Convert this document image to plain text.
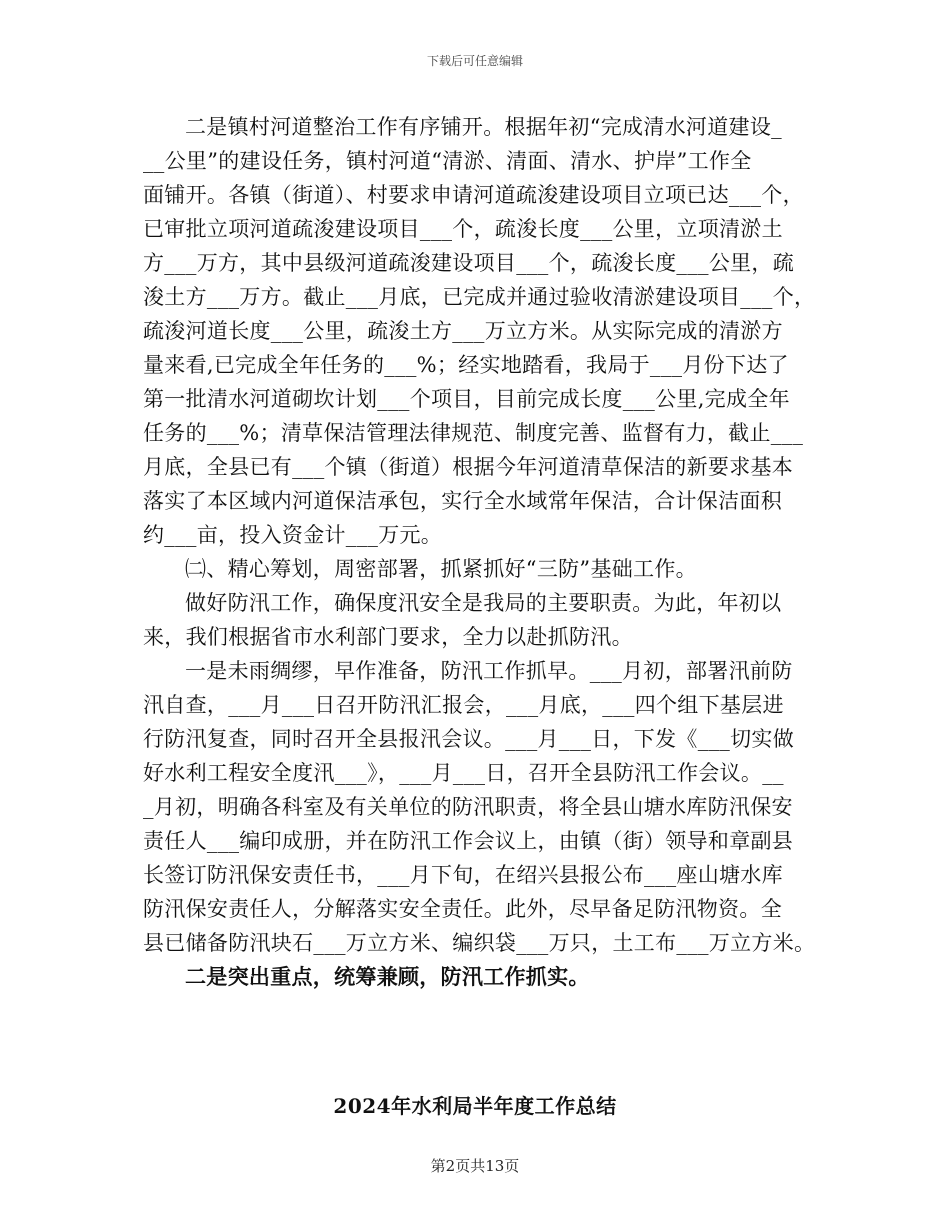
下载后可任意编辑
二是镇村河道整治工作有序铺开。根据年初“完成清水河道建设_
__公里”的建设任务，镇村河道“清淤、清面、清水、护岸”工作全
面铺开。各镇（街道）、村要求申请河道疏浚建设项目立项已达___个，
已审批立项河道疏浚建设项目___个，疏浚长度___公里，立项清淤土
方___万方，其中县级河道疏浚建设项目___个，疏浚长度___公里，疏
浚土方___万方。截止___月底，已完成并通过验收清淤建设项目___个，
疏浚河道长度___公里，疏浚土方___万立方米。从实际完成的清淤方
量来看,已完成全年任务的___%；经实地踏看，我局于___月份下达了
第一批清水河道砌坎计划___个项目，目前完成长度___公里,完成全年
任务的___%；清草保洁管理法律规范、制度完善、监督有力，截止___
月底，全县已有___个镇（街道）根据今年河道清草保洁的新要求基本
落实了本区域内河道保洁承包，实行全水域常年保洁，合计保洁面积
约___亩，投入资金计___万元。
㈡、精心筹划，周密部署，抓紧抓好“三防”基础工作。
做好防汛工作，确保度汛安全是我局的主要职责。为此，年初以
来，我们根据省市水利部门要求，全力以赴抓防汛。
一是未雨绸缪，早作准备，防汛工作抓早。___月初，部署汛前防
汛自查，___月___日召开防汛汇报会，___月底，___四个组下基层进
行防汛复查，同时召开全县报汛会议。___月___日，下发《___切实做
好水利工程安全度汛___》，___月___日，召开全县防汛工作会议。__
_月初，明确各科室及有关单位的防汛职责，将全县山塘水库防汛保安
责任人___编印成册，并在防汛工作会议上，由镇（街）领导和章副县
长签订防汛保安责任书，___月下旬，在绍兴县报公布___座山塘水库
防汛保安责任人，分解落实安全责任。此外，尽早备足防汛物资。全
县已储备防汛块石___万立方米、编织袋___万只，土工布___万立方米。
二是突出重点，统筹兼顾，防汛工作抓实。
2024年水利局半年度工作总结
第2页共13页
